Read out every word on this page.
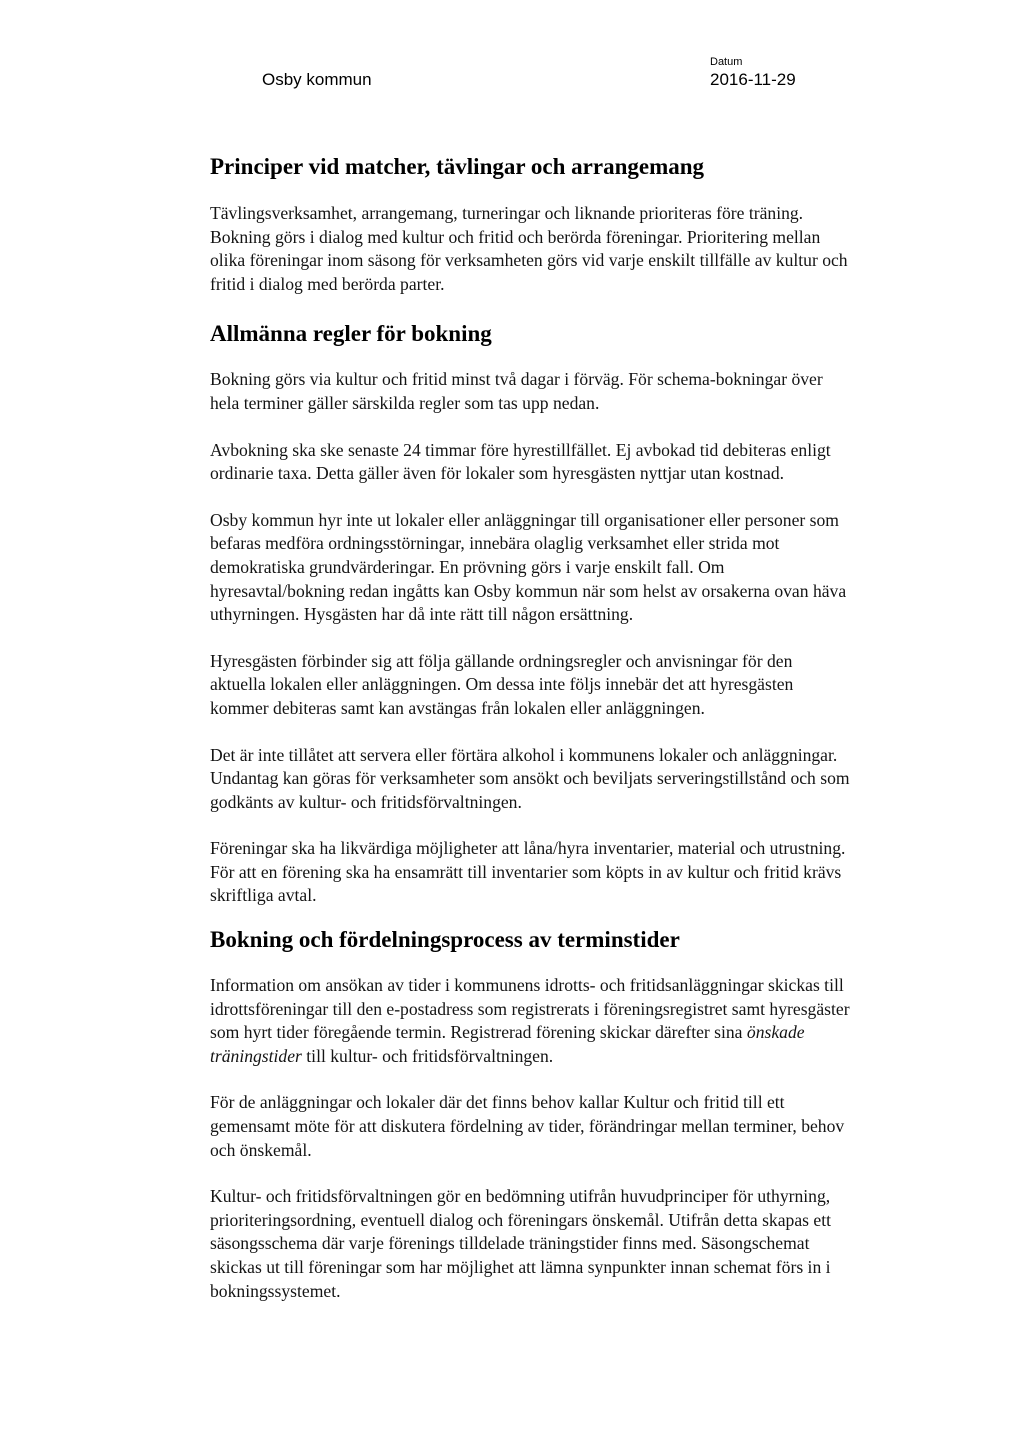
Osby kommun
Datum
2016-11-29
Principer vid matcher, tävlingar och arrangemang

Tävlingsverksamhet, arrangemang, turneringar och liknande prioriteras före träning. Bokning görs i dialog med kultur och fritid och berörda föreningar. Prioritering mellan olika föreningar inom säsong för verksamheten görs vid varje enskilt tillfälle av kultur och fritid i dialog med berörda parter.

Allmänna regler för bokning

Bokning görs via kultur och fritid minst två dagar i förväg. För schema-bokningar över hela terminer gäller särskilda regler som tas upp nedan.

Avbokning ska ske senaste 24 timmar före hyrestillfället. Ej avbokad tid debiteras enligt ordinarie taxa. Detta gäller även för lokaler som hyresgästen nyttjar utan kostnad.

Osby kommun hyr inte ut lokaler eller anläggningar till organisationer eller personer som befaras medföra ordningsstörningar, innebära olaglig verksamhet eller strida mot demokratiska grundvärderingar. En prövning görs i varje enskilt fall. Om hyresavtal/bokning redan ingåtts kan Osby kommun när som helst av orsakerna ovan häva uthyrningen. Hysgästen har då inte rätt till någon ersättning.

Hyresgästen förbinder sig att följa gällande ordningsregler och anvisningar för den aktuella lokalen eller anläggningen. Om dessa inte följs innebär det att hyresgästen kommer debiteras samt kan avstängas från lokalen eller anläggningen.

Det är inte tillåtet att servera eller förtära alkohol i kommunens lokaler och anläggningar. Undantag kan göras för verksamheter som ansökt och beviljats serveringstillstånd och som godkänts av kultur- och fritidsförvaltningen.

Föreningar ska ha likvärdiga möjligheter att låna/hyra inventarier, material och utrustning. För att en förening ska ha ensamrätt till inventarier som köpts in av kultur och fritid krävs skriftliga avtal.

Bokning och fördelningsprocess av terminstider

Information om ansökan av tider i kommunens idrotts- och fritidsanläggningar skickas till idrottsföreningar till den e-postadress som registrerats i föreningsregistret samt hyresgäster som hyrt tider föregående termin. Registrerad förening skickar därefter sina önskade träningstider till kultur- och fritidsförvaltningen.

För de anläggningar och lokaler där det finns behov kallar Kultur och fritid till ett gemensamt möte för att diskutera fördelning av tider, förändringar mellan terminer, behov och önskemål.

Kultur- och fritidsförvaltningen gör en bedömning utifrån huvudprinciper för uthyrning, prioriteringsordning, eventuell dialog och föreningars önskemål. Utifrån detta skapas ett säsongsschema där varje förenings tilldelade träningstider finns med. Säsongschemat skickas ut till föreningar som har möjlighet att lämna synpunkter innan schemat förs in i bokningssystemet.
